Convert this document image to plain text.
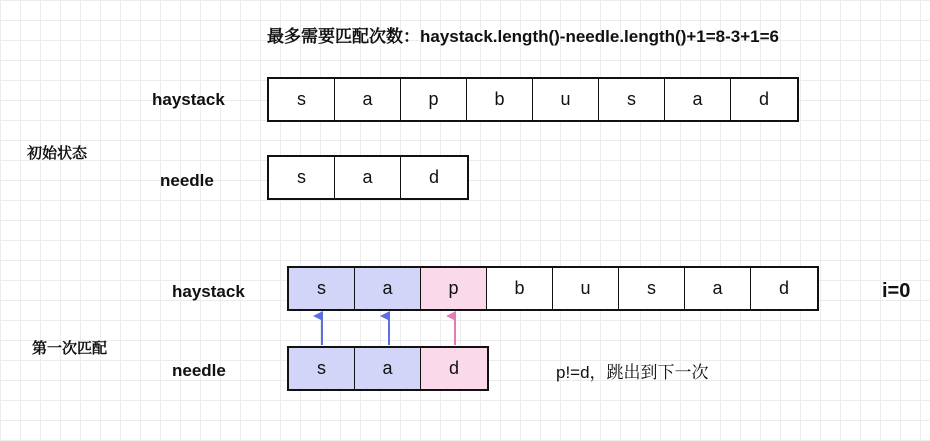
最多需要匹配次数：haystack.length()-needle.length()+1=8-3+1=6
初始状态
haystack	s	a	p	b	u	s	a	d
needle	s	a	d
第一次匹配
haystack	s	a	p	b	u	s	a	d	i=0
needle	s	a	d	p!=d，跳出到下一次
